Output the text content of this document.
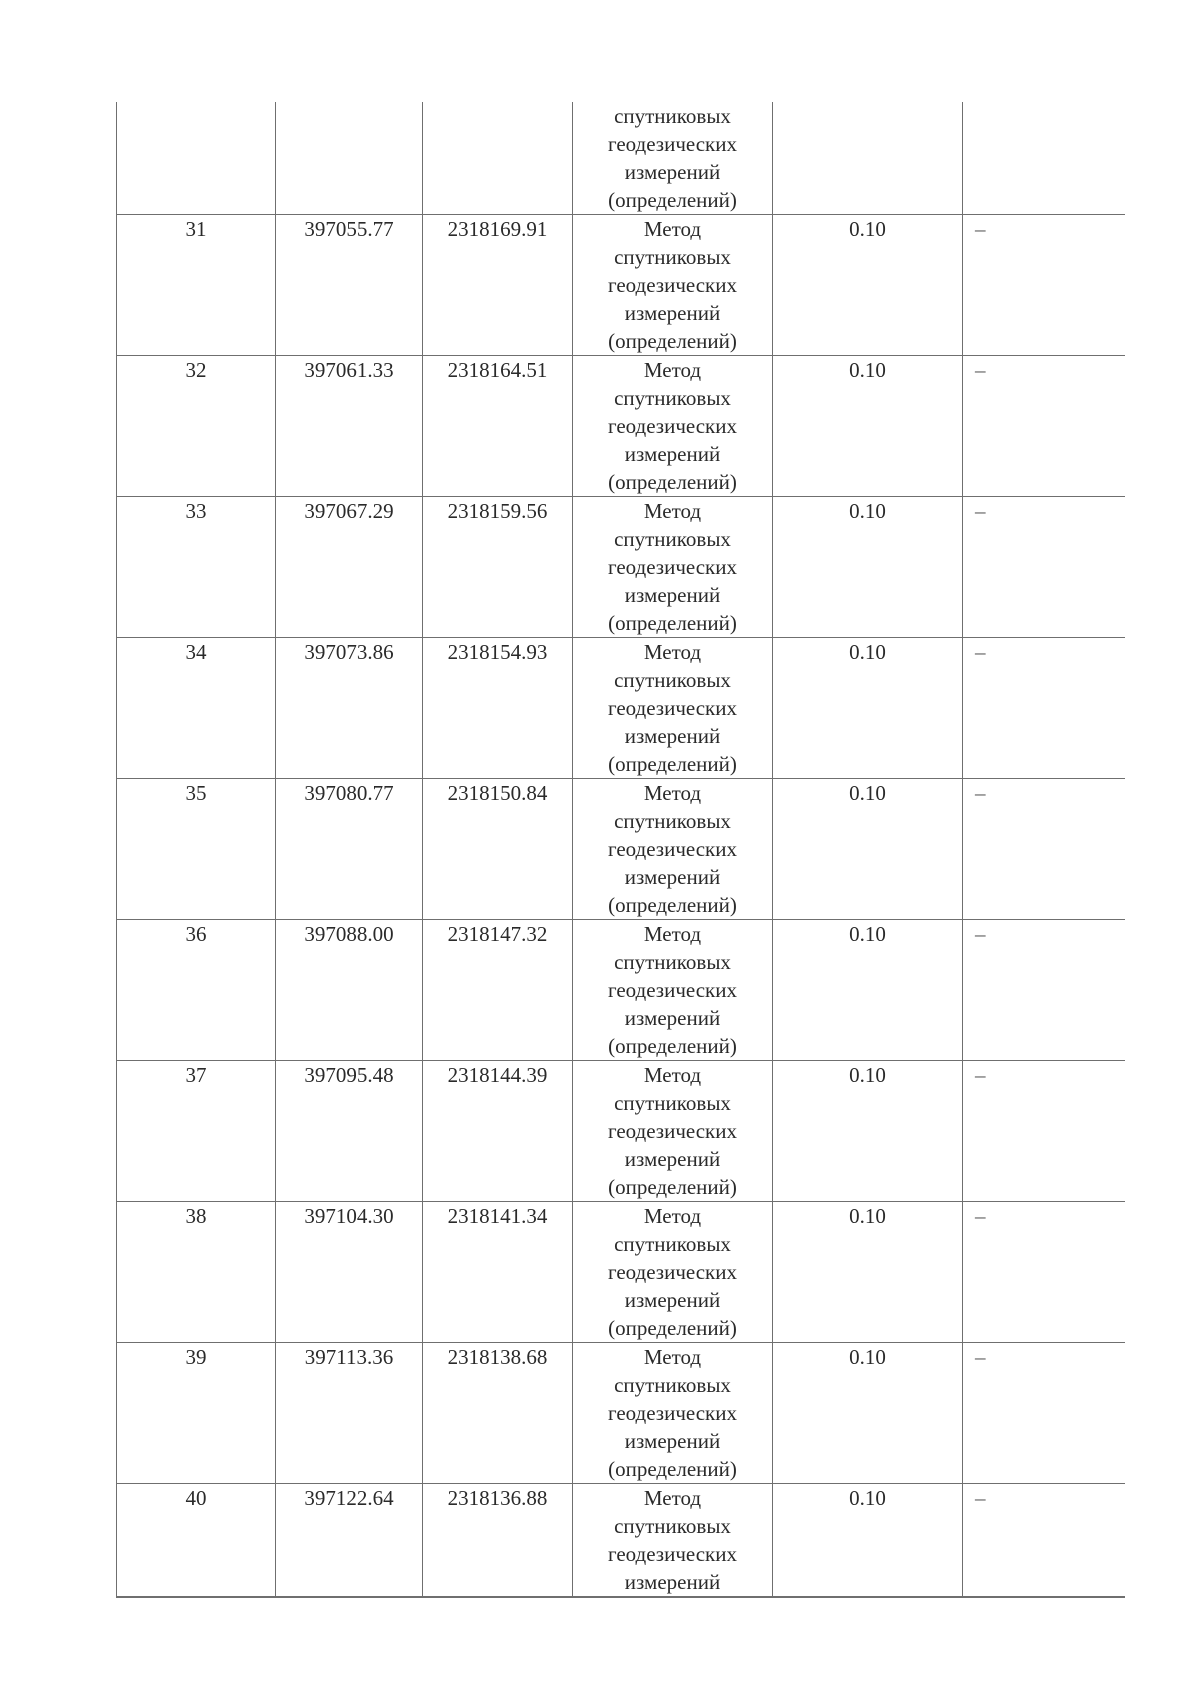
			спутниковых
геодезических
измерений
(определений)		

31	397055.77	2318169.91	Метод
спутниковых
геодезических
измерений
(определений)	0.10	–

32	397061.33	2318164.51	Метод
спутниковых
геодезических
измерений
(определений)	0.10	–

33	397067.29	2318159.56	Метод
спутниковых
геодезических
измерений
(определений)	0.10	–

34	397073.86	2318154.93	Метод
спутниковых
геодезических
измерений
(определений)	0.10	–

35	397080.77	2318150.84	Метод
спутниковых
геодезических
измерений
(определений)	0.10	–

36	397088.00	2318147.32	Метод
спутниковых
геодезических
измерений
(определений)	0.10	–

37	397095.48	2318144.39	Метод
спутниковых
геодезических
измерений
(определений)	0.10	–

38	397104.30	2318141.34	Метод
спутниковых
геодезических
измерений
(определений)	0.10	–

39	397113.36	2318138.68	Метод
спутниковых
геодезических
измерений
(определений)	0.10	–

40	397122.64	2318136.88	Метод
спутниковых
геодезических
измерений	0.10	–
